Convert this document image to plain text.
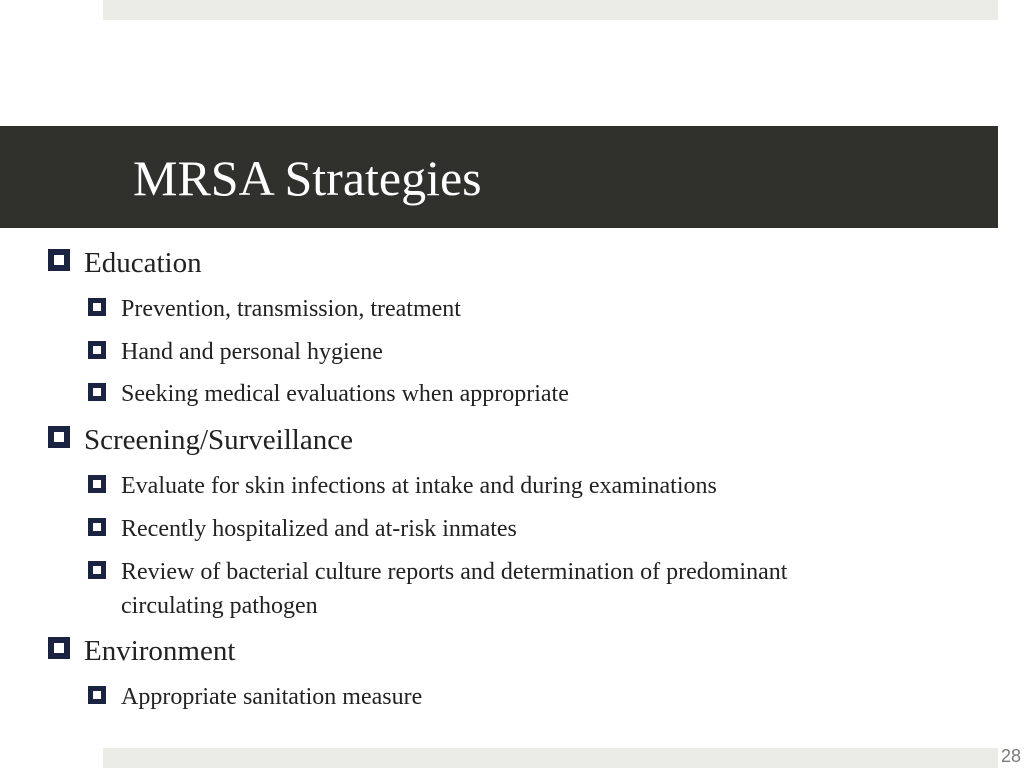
MRSA Strategies
Education
Prevention, transmission, treatment
Hand and personal hygiene
Seeking medical evaluations when appropriate
Screening/Surveillance
Evaluate for skin infections at intake and during examinations
Recently hospitalized and at-risk inmates
Review of bacterial culture reports and determination of predominant
circulating pathogen
Environment
Appropriate sanitation measure
28
